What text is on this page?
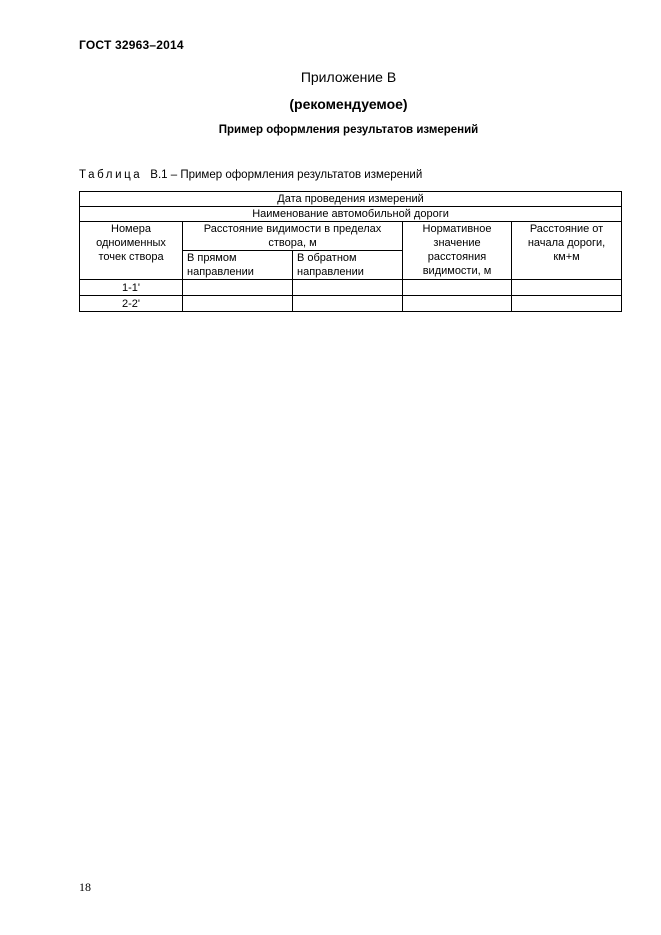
ГОСТ 32963–2014
Приложение В
(рекомендуемое)
Пример оформления результатов измерений
Таблица В.1 – Пример оформления результатов измерений
Дата проведения измерений				
Наименование автомобильной дороги				
Номера одноименных точек створа	Расстояние видимости в пределах створа, м		Нормативное значение расстояния видимости, м	Расстояние от начала дороги, км+м
	В прямом направлении	В обратном направлении		
1-1'				
2-2'				
18
